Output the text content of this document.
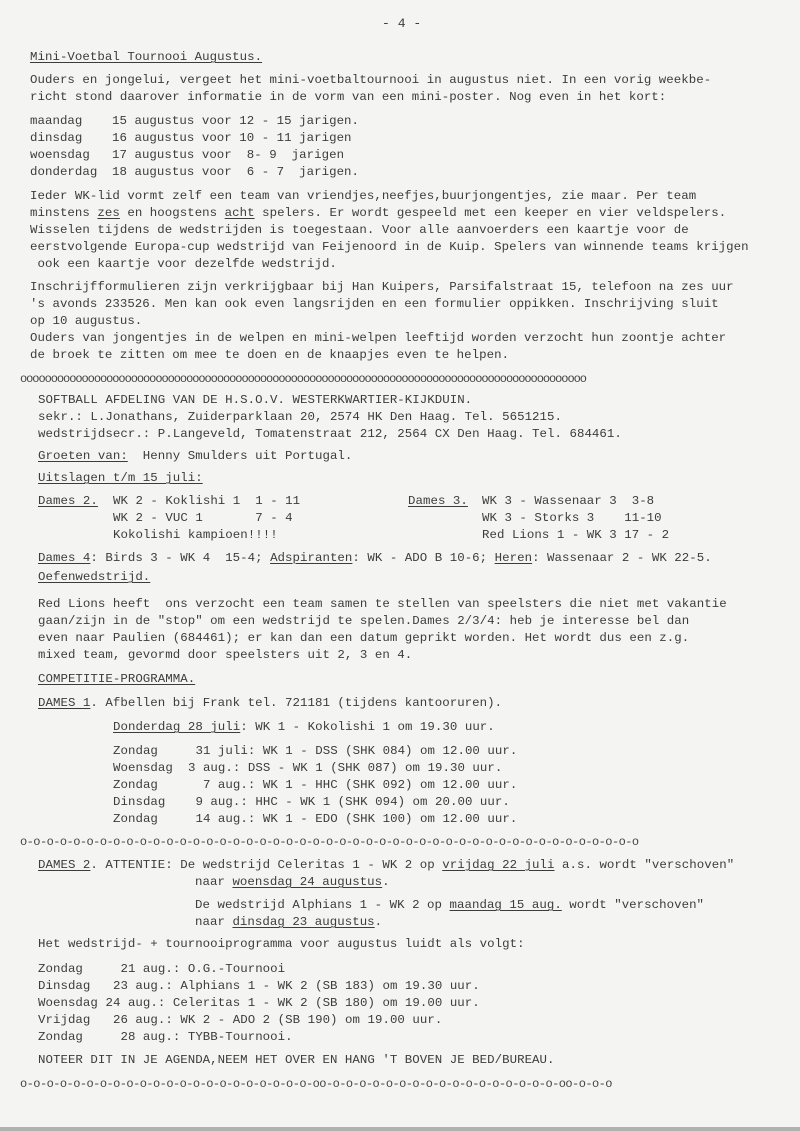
- 4 -
Mini-Voetbal Tournooi Augustus.
Ouders en jongelui, vergeet het mini-voetbaltournooi in augustus niet. In een vorig weekbe-
richt stond daarover informatie in de vorm van een mini-poster. Nog even in het kort:
maandag 15 augustus voor 12 - 15 jarigen.
dinsdag 16 augustus voor 10 - 11 jarigen
woensdag 17 augustus voor  8- 9  jarigen
donderdag 18 augustus voor  6 - 7  jarigen.
Ieder WK-lid vormt zelf een team van vriendjes,neefjes,buurjongentjes, zie maar. Per team
minstens zes en hoogstens acht spelers. Er wordt gespeeld met een keeper en vier veldspelers.
Wisselen tijdens de wedstrijden is toegestaan. Voor alle aanvoerders een kaartje voor de
eerstvolgende Europa-cup wedstrijd van Feijenoord in de Kuip. Spelers van winnende teams krijgen
ook een kaartje voor dezelfde wedstrijd.
Inschrijfformulieren zijn verkrijgbaar bij Han Kuipers, Parsifalstraat 15, telefoon na zes uur
's avonds 233526. Men kan ook even langsrijden en een formulier oppikken. Inschrijving sluit
op 10 augustus.
Ouders van jongentjes in de welpen en mini-welpen leeftijd worden verzocht hun zoontje achter
de broek te zitten om mee te doen en de knaapjes even te helpen.
oooooooooooooooooooooooooooooooooooooooooooooooooooooooooooooooooooooooooooooooooooooooooooo
SOFTBALL AFDELING VAN DE H.S.O.V. WESTERKWARTIER-KIJKDUIN.
sekr.: L.Jonathans, Zuiderparklaan 20, 2574 HK Den Haag. Tel. 5651215.
wedstrijdsecr.: P.Langeveld, Tomatenstraat 212, 2564 CX Den Haag. Tel. 684461.
Groeten van:  Henny Smulders uit Portugal.
Uitslagen t/m 15 juli:
Dames 2. WK 2 - Koklishi 1  1 - 11
WK 2 - VUC 1       7 - 4
Kokolishi kampioen!!!!
Dames 3. WK 3 - Wassenaar 3  3-8
WK 3 - Storks 3    11-10
Red Lions 1 - WK 3 17 - 2
Dames 4: Birds 3 - WK 4  15-4; Adspiranten: WK - ADO B 10-6; Heren: Wassenaar 2 - WK 22-5.
Oefenwedstrijd.
Red Lions heeft  ons verzocht een team samen te stellen van speelsters die niet met vakantie
gaan/zijn in de "stop" om een wedstrijd te spelen.Dames 2/3/4: heb je interesse bel dan
even naar Paulien (684461); er kan dan een datum geprikt worden. Het wordt dus een z.g.
mixed team, gevormd door speelsters uit 2, 3 en 4.
COMPETITIE-PROGRAMMA.
DAMES 1. Afbellen bij Frank tel. 721181 (tijdens kantooruren).
Donderdag 28 juli: WK 1 - Kokolishi 1 om 19.30 uur.
Zondag   31 juli: WK 1 - DSS (SHK 084) om 12.00 uur.
Woensdag  3 aug.: DSS - WK 1 (SHK 087) om 19.30 uur.
Zondag    7 aug.: WK 1 - HHC (SHK 092) om 12.00 uur.
Dinsdag   9 aug.: HHC - WK 1 (SHK 094) om 20.00 uur.
Zondag   14 aug.: WK 1 - EDO (SHK 100) om 12.00 uur.
o-o-o-o-o-o-o-o-o-o-o-o-o-o-o-o-o-o-o-o-o-o-o-o-o-o-o-o-o-o-o-o-o-o-o-o-o-o-o-o-o-o-o-o-o-o-o
DAMES 2. ATTENTIE: De wedstrijd Celeritas 1 - WK 2 op vrijdag 22 juli a.s. wordt "verschoven"
naar woensdag 24 augustus.
De wedstrijd Alphians 1 - WK 2 op maandag 15 aug. wordt "verschoven"
naar dinsdag 23 augustus.
Het wedstrijd- + tournooiprogramma voor augustus luidt als volgt:
Zondag   21 aug.: O.G.-Tournooi
Dinsdag  23 aug.: Alphians 1 - WK 2 (SB 183) om 19.30 uur.
Woensdag 24 aug.: Celeritas 1 - WK 2 (SB 180) om 19.00 uur.
Vrijdag  26 aug.: WK 2 - ADO 2 (SB 190) om 19.00 uur.
Zondag   28 aug.: TYBB-Tournooi.
NOTEER DIT IN JE AGENDA,NEEM HET OVER EN HANG 'T BOVEN JE BED/BUREAU.
o-o-o-o-o-o-o-o-o-o-o-o-o-o-o-o-o-o-o-o-o-o-oo-o-o-o-o-o-o-o-o-o-o-o-o-o-o-o-o-o-oo-o-o-o
